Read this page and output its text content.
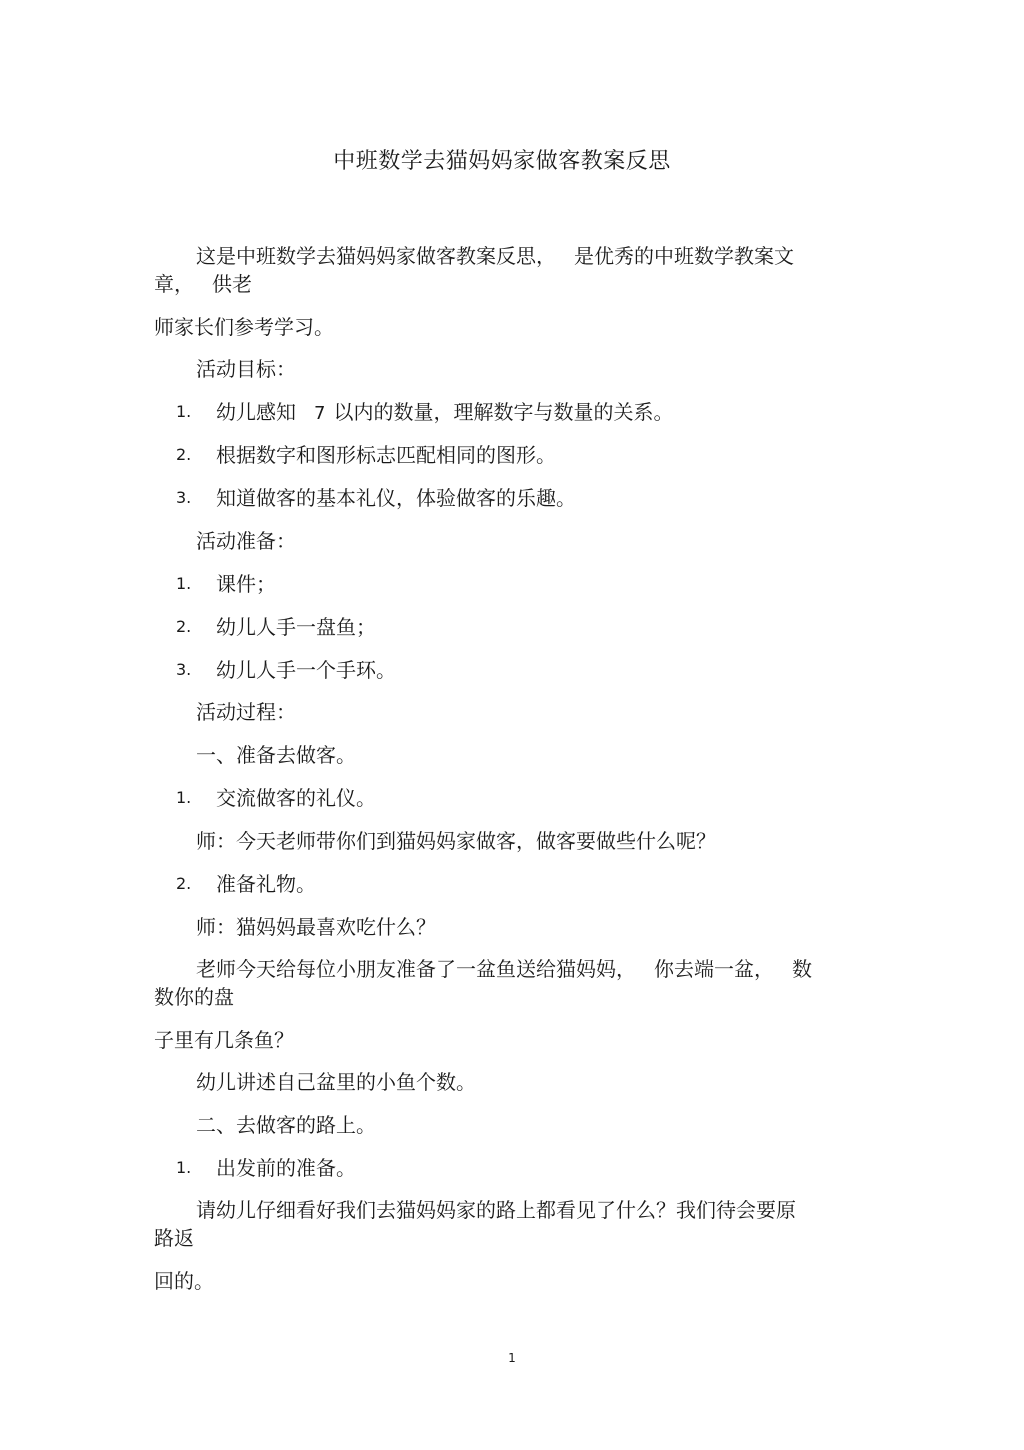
中班数学去猫妈妈家做客教案反思
这是中班数学去猫妈妈家做客教案反思， 是优秀的中班数学教案文
章， 供老
师家长们参考学习。
活动目标：
1. 幼儿感知 7 以内的数量，理解数字与数量的关系。
2. 根据数字和图形标志匹配相同的图形。
3. 知道做客的基本礼仪，体验做客的乐趣。
活动准备：
1. 课件；
2. 幼儿人手一盘鱼；
3. 幼儿人手一个手环。
活动过程：
一、准备去做客。
1. 交流做客的礼仪。
师：今天老师带你们到猫妈妈家做客，做客要做些什么呢？
2. 准备礼物。
师：猫妈妈最喜欢吃什么？
老师今天给每位小朋友准备了一盆鱼送给猫妈妈， 你去端一盆， 数
数你的盘
子里有几条鱼？
幼儿讲述自己盆里的小鱼个数。
二、去做客的路上。
1. 出发前的准备。
请幼儿仔细看好我们去猫妈妈家的路上都看见了什么？我们待会要原
路返
回的。
1
